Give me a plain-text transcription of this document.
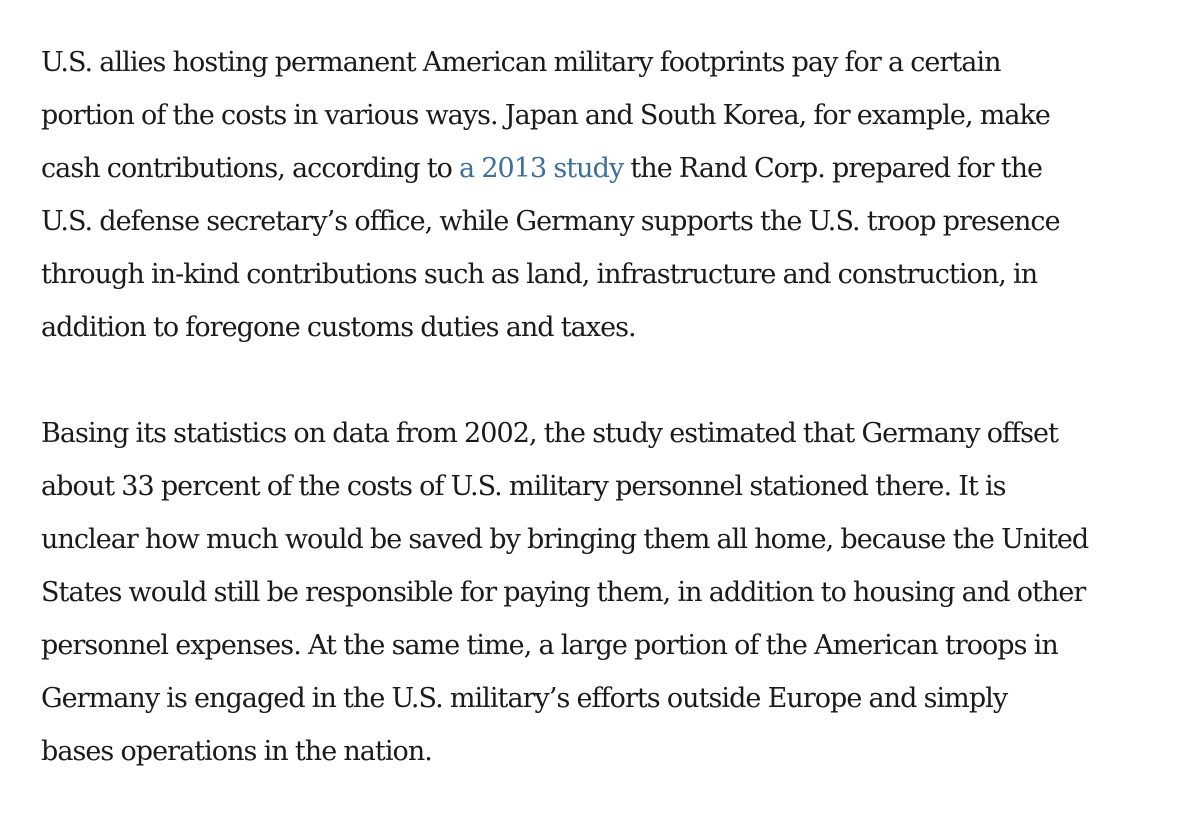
U.S. allies hosting permanent American military footprints pay for a certain
portion of the costs in various ways. Japan and South Korea, for example, make
cash contributions, according to a 2013 study the Rand Corp. prepared for the
U.S. defense secretary’s office, while Germany supports the U.S. troop presence
through in-kind contributions such as land, infrastructure and construction, in
addition to foregone customs duties and taxes.

Basing its statistics on data from 2002, the study estimated that Germany offset
about 33 percent of the costs of U.S. military personnel stationed there. It is
unclear how much would be saved by bringing them all home, because the United
States would still be responsible for paying them, in addition to housing and other
personnel expenses. At the same time, a large portion of the American troops in
Germany is engaged in the U.S. military’s efforts outside Europe and simply
bases operations in the nation.
